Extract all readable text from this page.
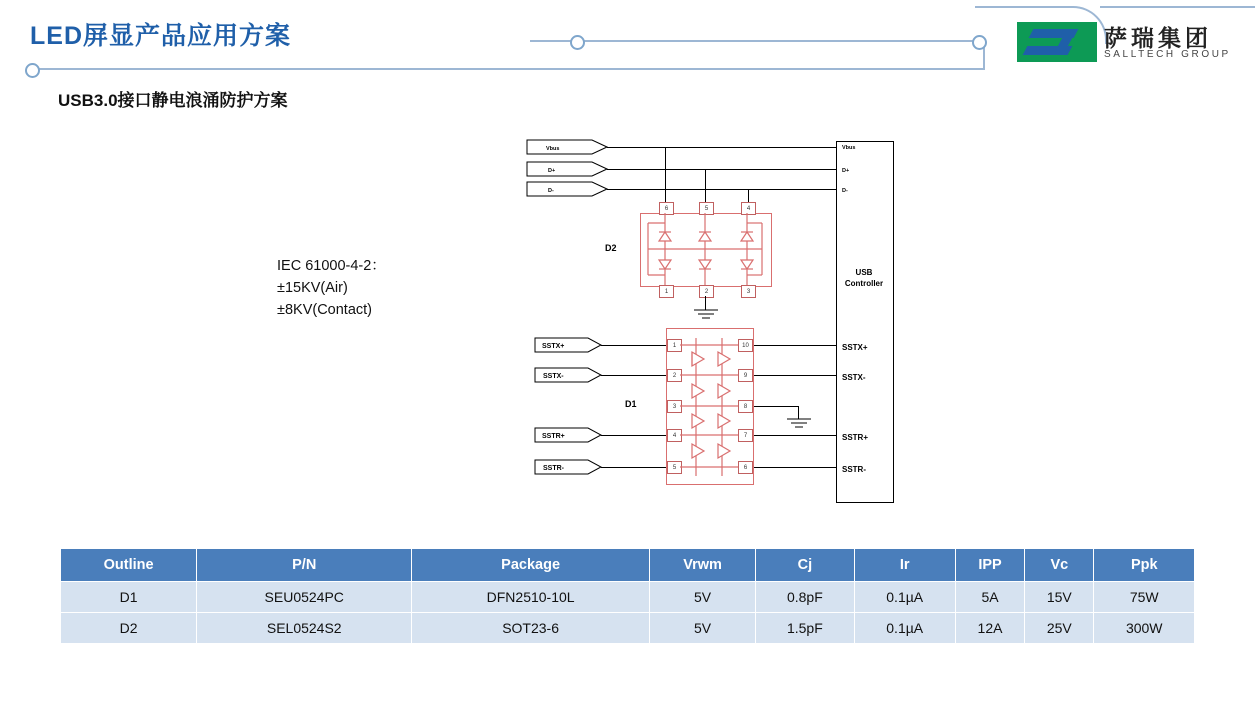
LED屏显产品应用方案	萨瑞集团
SALLTECH GROUP
USB3.0接口静电浪涌防护方案
IEC 61000-4-2：
±15KV(Air)
±8KV(Contact)
USB
Controller
Vbus
D+
D-
SSTX+
SSTX-
SSTR+
SSTR-
Vbus
D+
D-
D2
6	5	4
1	2	3
SSTX+
SSTX-
SSTR+
SSTR-
D1
1
2
3
4
5
10
9
8
7
6
Outline	P/N	Package	Vrwm	Cj	Ir	IPP	Vc	Ppk
D1	SEU0524PC	DFN2510-10L	5V	0.8pF	0.1µA	5A	15V	75W
D2	SEL0524S2	SOT23-6	5V	1.5pF	0.1µA	12A	25V	300W
